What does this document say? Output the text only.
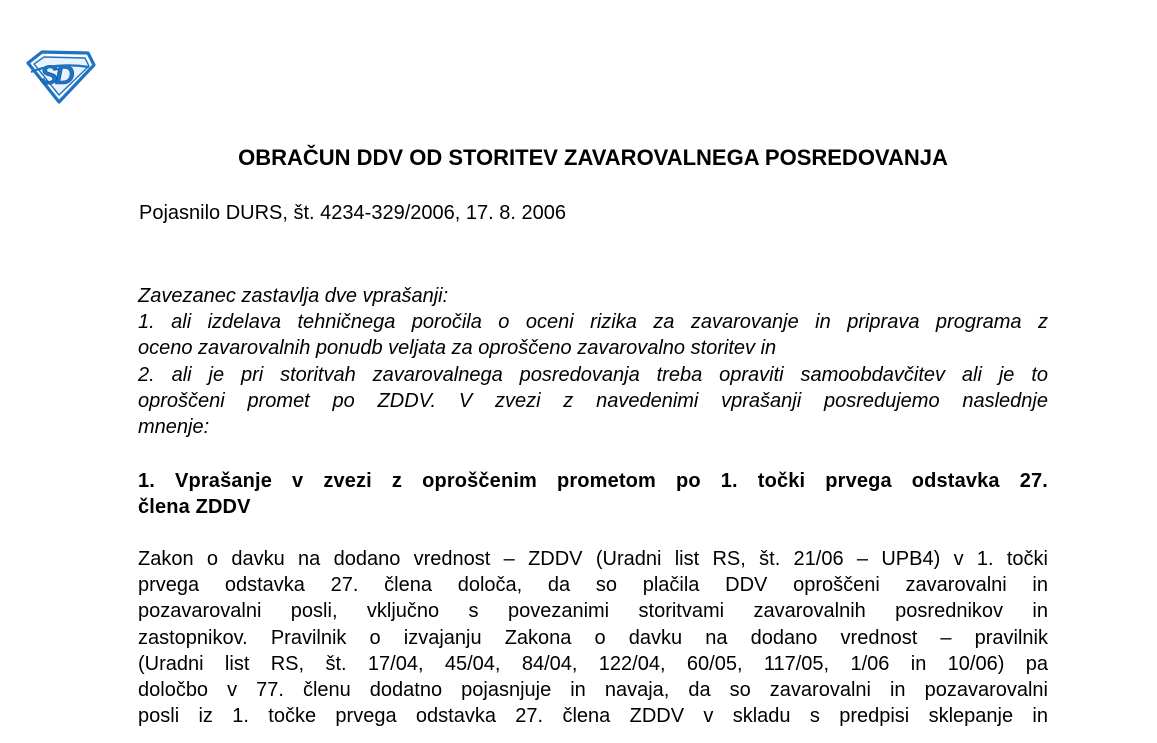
SD
OBRAČUN DDV OD STORITEV ZAVAROVALNEGA POSREDOVANJA

Pojasnilo DURS, št. 4234-329/2006, 17. 8. 2006

Zavezanec zastavlja dve vprašanji:
1. ali izdelava tehničnega poročila o oceni rizika za zavarovanje in priprava programa z
oceno zavarovalnih ponudb veljata za oproščeno zavarovalno storitev in
2. ali je pri storitvah zavarovalnega posredovanja treba opraviti samoobdavčitev ali je to
oproščeni promet po ZDDV. V zvezi z navedenimi vprašanji posredujemo naslednje
mnenje:
1. Vprašanje v zvezi z oproščenim prometom po 1. točki prvega odstavka 27.
člena ZDDV
Zakon o davku na dodano vrednost – ZDDV (Uradni list RS, št. 21/06 – UPB4) v 1. točki
prvega odstavka 27. člena določa, da so plačila DDV oproščeni zavarovalni in
pozavarovalni posli, vključno s povezanimi storitvami zavarovalnih posrednikov in
zastopnikov. Pravilnik o izvajanju Zakona o davku na dodano vrednost – pravilnik
(Uradni list RS, št. 17/04, 45/04, 84/04, 122/04, 60/05, 117/05, 1/06 in 10/06) pa
določbo v 77. členu dodatno pojasnjuje in navaja, da so zavarovalni in pozavarovalni
posli iz 1. točke prvega odstavka 27. člena ZDDV v skladu s predpisi sklepanje in
